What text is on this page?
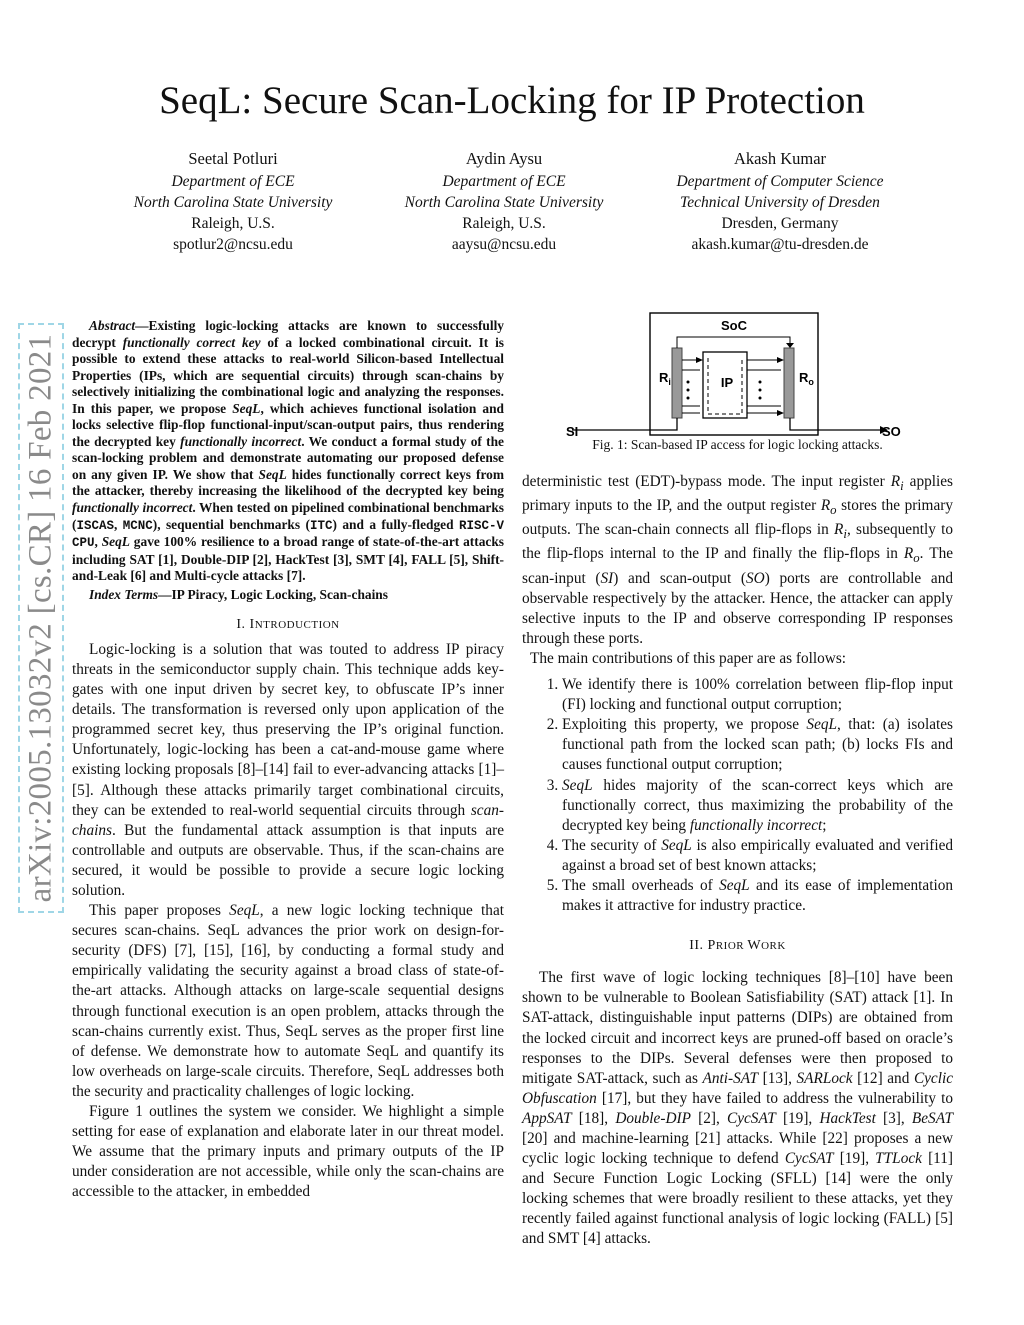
arXiv:2005.13032v2 [cs.CR] 16 Feb 2021
SeqL: Secure Scan-Locking for IP Protection
Seetal Potluri
Department of ECE
North Carolina State University
Raleigh, U.S.
spotlur2@ncsu.edu
Aydin Aysu
Department of ECE
North Carolina State University
Raleigh, U.S.
aaysu@ncsu.edu
Akash Kumar
Department of Computer Science
Technical University of Dresden
Dresden, Germany
akash.kumar@tu-dresden.de

Abstract—Existing logic-locking attacks are known to successfully decrypt functionally correct key of a locked combinational circuit. It is possible to extend these attacks to real-world Silicon-based Intellectual Properties (IPs, which are sequential circuits) through scan-chains by selectively initializing the combinational logic and analyzing the responses. In this paper, we propose SeqL, which achieves functional isolation and locks selective flip-flop functional-input/scan-output pairs, thus rendering the decrypted key functionally incorrect. We conduct a formal study of the scan-locking problem and demonstrate automating our proposed defense on any given IP. We show that SeqL hides functionally correct keys from the attacker, thereby increasing the likelihood of the decrypted key being functionally incorrect. When tested on pipelined combinational benchmarks (ISCAS, MCNC), sequential benchmarks (ITC) and a fully-fledged RISC-V CPU, SeqL gave 100% resilience to a broad range of state-of-the-art attacks including SAT [1], Double-DIP [2], HackTest [3], SMT [4], FALL [5], Shift-and-Leak [6] and Multi-cycle attacks [7].

Index Terms—IP Piracy, Logic Locking, Scan-chains

I. INTRODUCTION

Logic-locking is a solution that was touted to address IP piracy threats in the semiconductor supply chain. This technique adds key-gates with one input driven by secret key, to obfuscate IP’s inner details. The transformation is reversed only upon application of the programmed secret key, thus preserving the IP’s original function. Unfortunately, logic-locking has been a cat-and-mouse game where existing locking proposals [8]–[14] fail to ever-advancing attacks [1]–[5]. Although these attacks primarily target combinational circuits, they can be extended to real-world sequential circuits through scan-chains. But the fundamental attack assumption is that inputs are controllable and outputs are observable. Thus, if the scan-chains are secured, it would be possible to provide a secure logic locking solution.

This paper proposes SeqL, a new logic locking technique that secures scan-chains. SeqL advances the prior work on design-for-security (DFS) [7], [15], [16], by conducting a formal study and empirically validating the security against a broad class of state-of-the-art attacks. Although attacks on large-scale sequential designs through functional execution is an open problem, attacks through the scan-chains currently exist. Thus, SeqL serves as the proper first line of defense. We demonstrate how to automate SeqL and quantify its low overheads on large-scale circuits. Therefore, SeqL addresses both the security and practicality challenges of logic locking.

Figure 1 outlines the system we consider. We highlight a simple setting for ease of explanation and elaborate later in our threat model. We assume that the primary inputs and primary outputs of the IP under consideration are not accessible, while only the scan-chains are accessible to the attacker, in embedded

SoC
$R_i$	$R_o$
IP
SI	SO
Fig. 1: Scan-based IP access for logic locking attacks.

deterministic test (EDT)-bypass mode. The input register $R_i$ applies primary inputs to the IP, and the output register $R_o$ stores the primary outputs. The scan-chain connects all flip-flops in $R_i$, subsequently to the flip-flops internal to the IP and finally the flip-flops in $R_o$. The scan-input (SI) and scan-output (SO) ports are controllable and observable respectively by the attacker. Hence, the attacker can apply selective inputs to the IP and observe corresponding IP responses through these ports.

The main contributions of this paper are as follows:

1. We identify there is 100% correlation between flip-flop input (FI) locking and functional output corruption;
2. Exploiting this property, we propose SeqL, that: (a) isolates functional path from the locked scan path; (b) locks FIs and causes functional output corruption;
3. SeqL hides majority of the scan-correct keys which are functionally correct, thus maximizing the probability of the decrypted key being functionally incorrect;
4. The security of SeqL is also empirically evaluated and verified against a broad set of best known attacks;
5. The small overheads of SeqL and its ease of implementation makes it attractive for industry practice.
II. PRIOR WORK

The first wave of logic locking techniques [8]–[10] have been shown to be vulnerable to Boolean Satisfiability (SAT) attack [1]. In SAT-attack, distinguishable input patterns (DIPs) are obtained from the locked circuit and incorrect keys are pruned-off based on oracle’s responses to the DIPs. Several defenses were then proposed to mitigate SAT-attack, such as Anti-SAT [13], SARLock [12] and Cyclic Obfuscation [17], but they have failed to address the vulnerability to AppSAT [18], Double-DIP [2], CycSAT [19], HackTest [3], BeSAT [20] and machine-learning [21] attacks. While [22] proposes a new cyclic logic locking technique to defend CycSAT [19], TTLock [11] and Secure Function Logic Locking (SFLL) [14] were the only locking schemes that were broadly resilient to these attacks, yet they recently failed against functional analysis of logic locking (FALL) [5] and SMT [4] attacks.
